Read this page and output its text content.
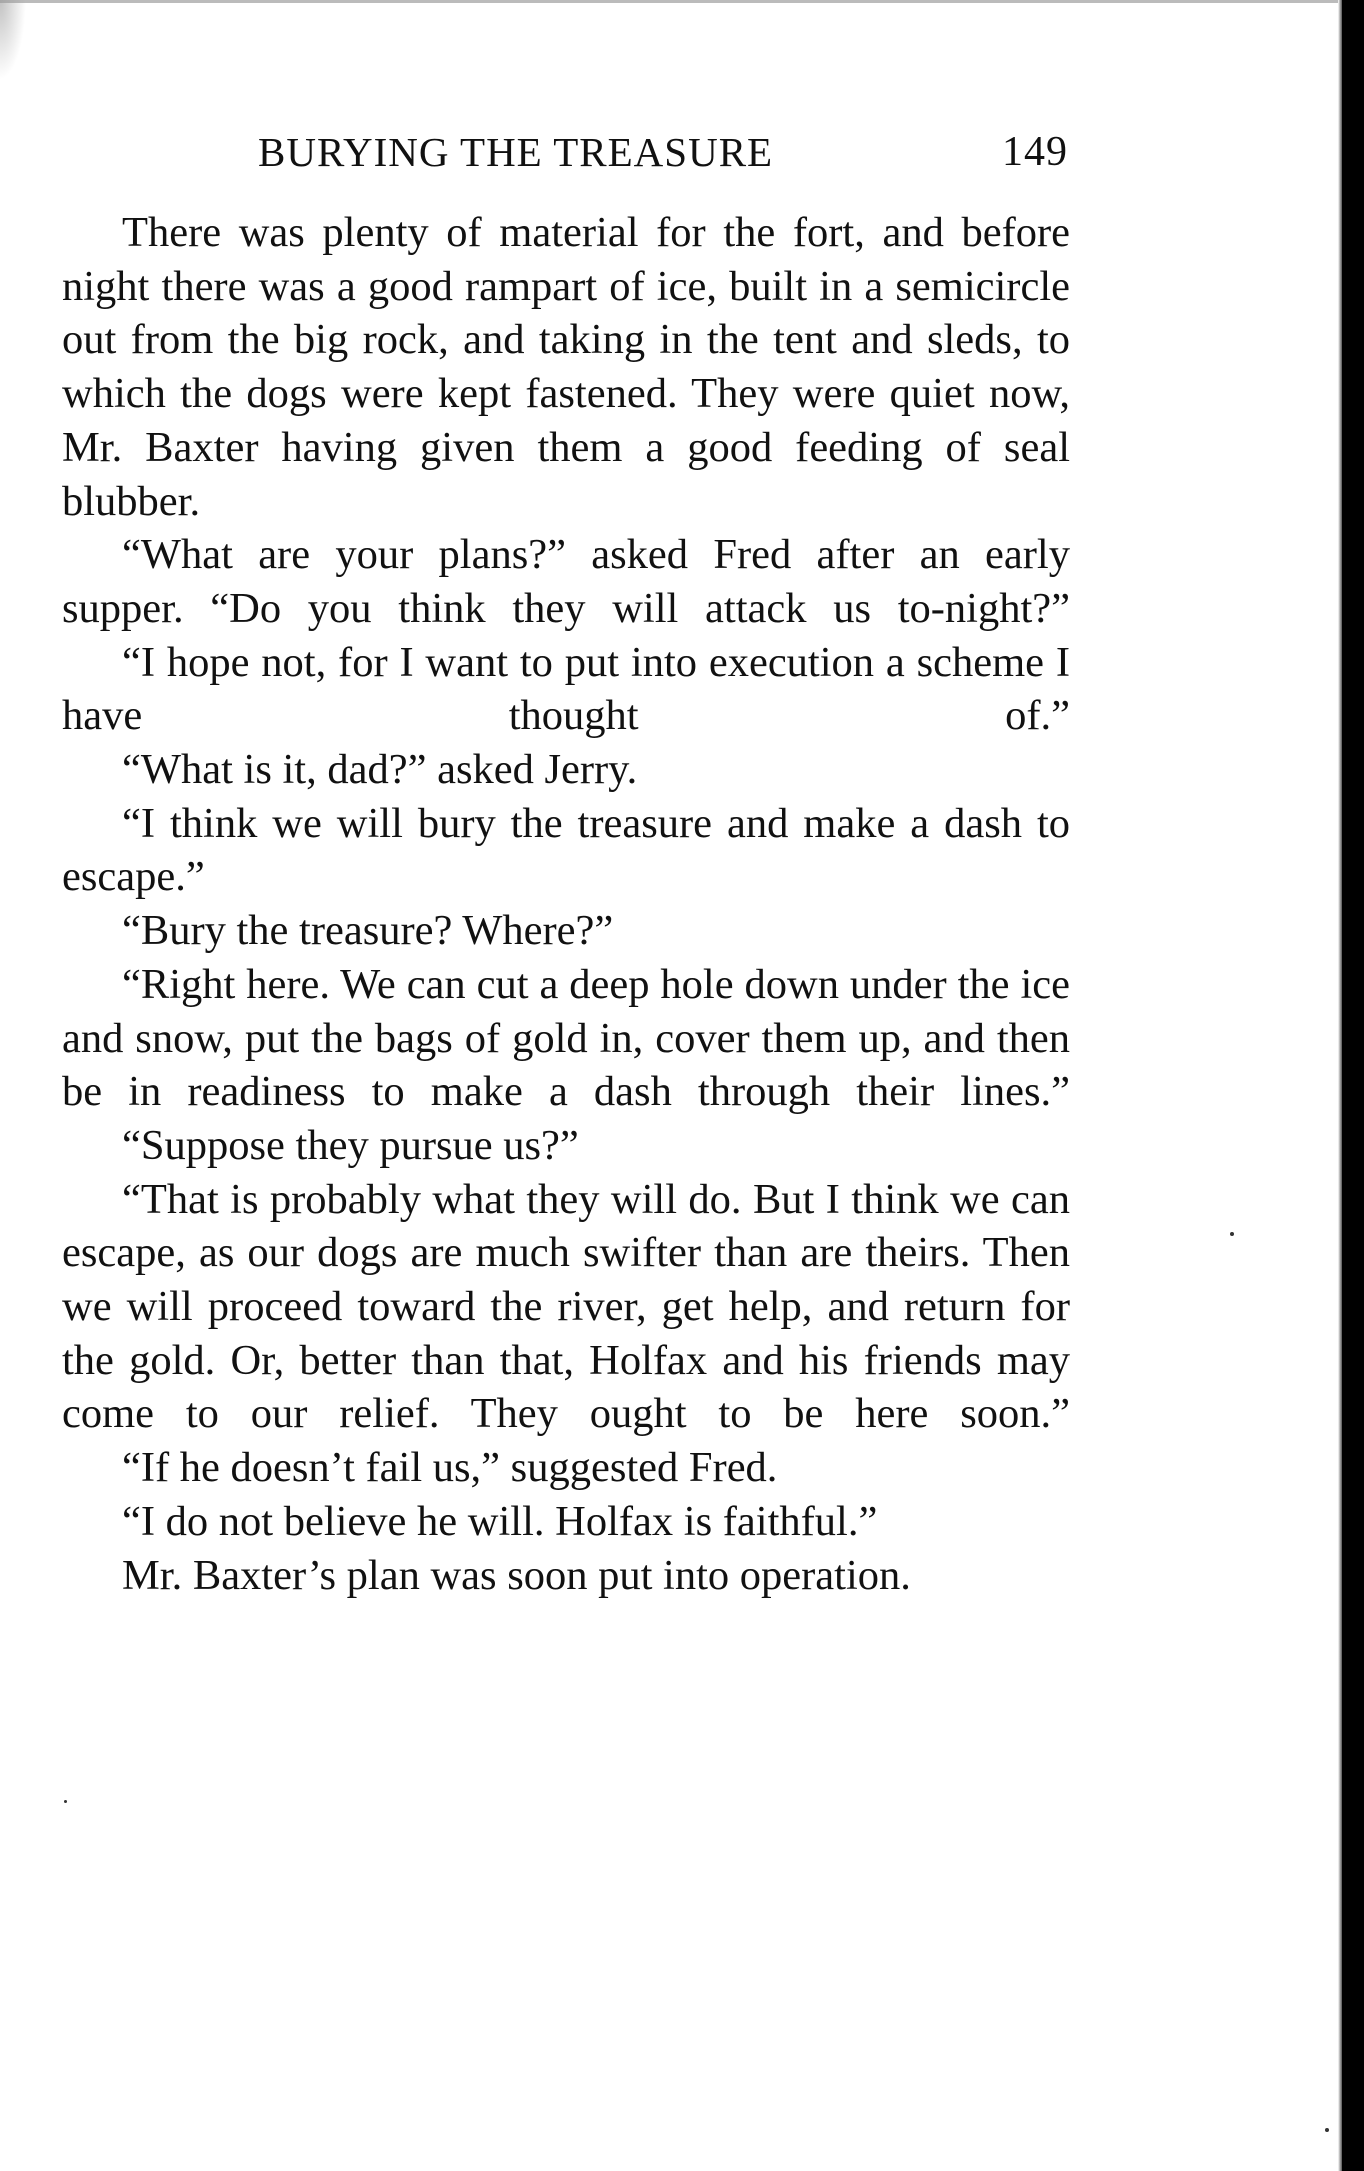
BURYING THE TREASURE	149

There was plenty of material for the fort, and before night there was a good rampart of ice, built in a semicircle out from the big rock, and taking in the tent and sleds, to which the dogs were kept fastened. They were quiet now, Mr. Baxter having given them a good feeding of seal blubber.

“What are your plans?” asked Fred after an early supper. “Do you think they will attack us to-night?”

“I hope not, for I want to put into execution a scheme I have thought of.”

“What is it, dad?” asked Jerry.

“I think we will bury the treasure and make a dash to escape.”

“Bury the treasure? Where?”

“Right here. We can cut a deep hole down under the ice and snow, put the bags of gold in, cover them up, and then be in readiness to make a dash through their lines.”

“Suppose they pursue us?”

“That is probably what they will do. But I think we can escape, as our dogs are much swifter than are theirs. Then we will proceed toward the river, get help, and return for the gold. Or, better than that, Holfax and his friends may come to our relief. They ought to be here soon.”

“If he doesn’t fail us,” suggested Fred.

“I do not believe he will. Holfax is faithful.”

Mr. Baxter’s plan was soon put into operation.
